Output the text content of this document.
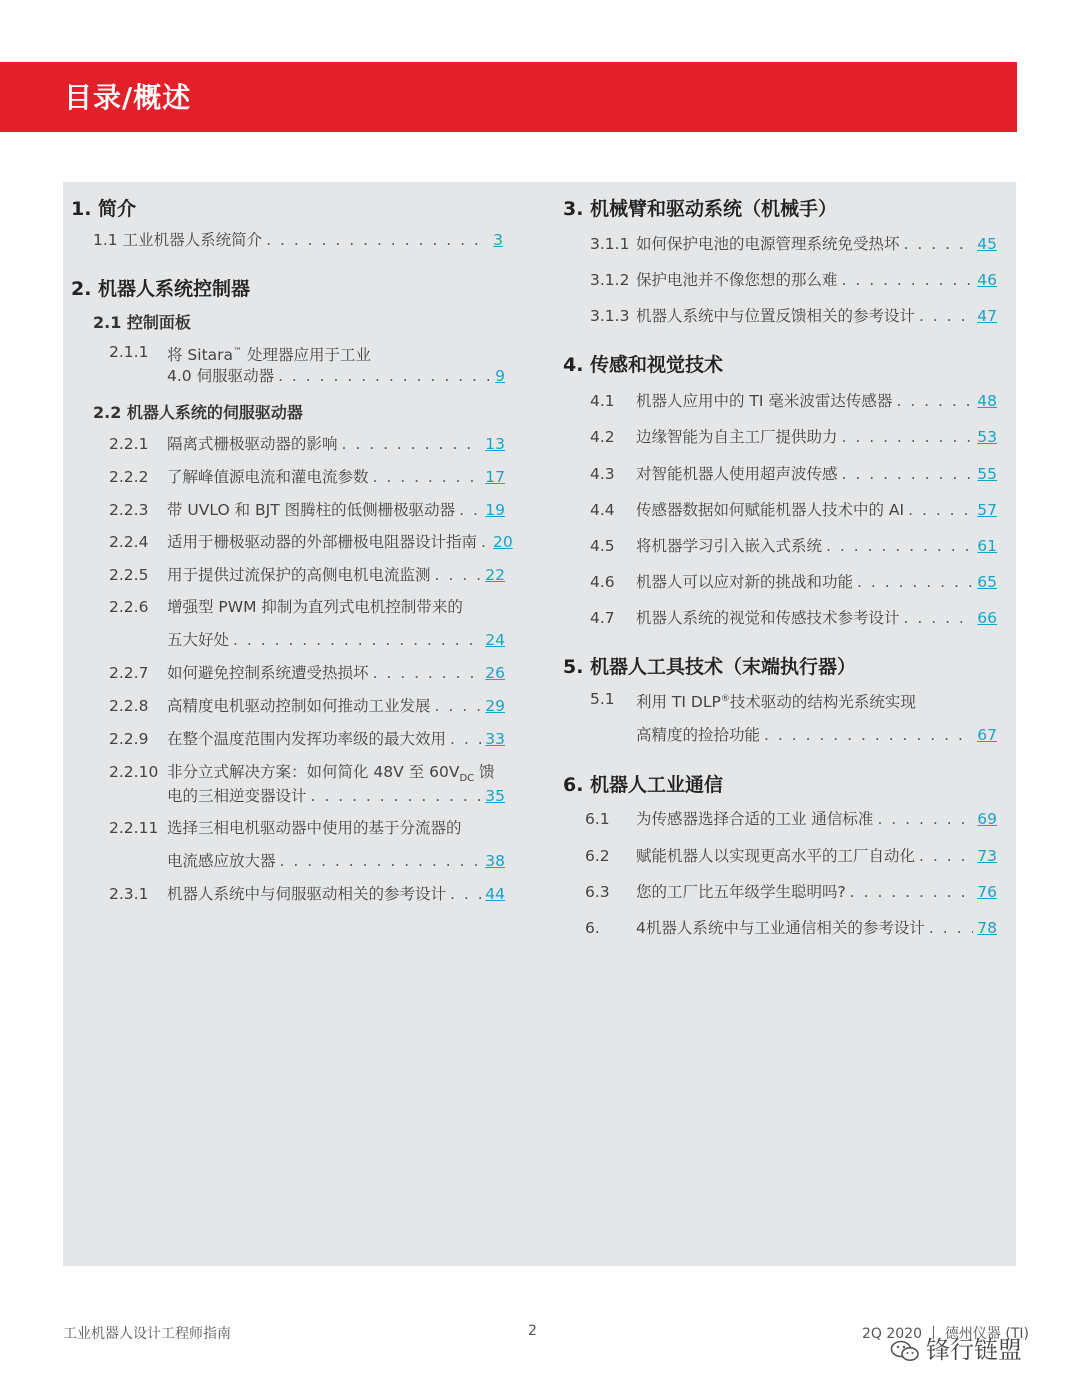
目录/概述
1. 简介
1.1 工业机器人系统简介 . . .	3
2. 机器人系统控制器
2.1 控制面板
2.1.1 将 Sitara™ 处理器应用于工业
4.0 伺服驱动器 . . .	9
2.2 机器人系统的伺服驱动器
2.2.1 隔离式栅极驱动器的影响 . . .	13
2.2.2 了解峰值源电流和灌电流参数 . . .	17
2.2.3 带 UVLO 和 BJT 图腾柱的低侧栅极驱动器 . . . 19
2.2.4 适用于栅极驱动器的外部栅极电阻器设计指南 . . . 20
2.2.5 用于提供过流保护的高侧电机电流监测 . . .	22
2.2.6 增强型 PWM 抑制为直列式电机控制带来的
五大好处 . . .	24
2.2.7 如何避免控制系统遭受热损坏 . . .	26
2.2.8 高精度电机驱动控制如何推动工业发展 . . .	29
2.2.9 在整个温度范围内发挥功率级的最大效用 . . .	33
2.2.10 非分立式解决方案：如何简化 48V 至 $60V_{DC}$ 馈
电的三相逆变器设计 . . .	35
2.2.11 选择三相电机驱动器中使用的基于分流器的
电流感应放大器 . . .	38
2.3.1 机器人系统中与伺服驱动相关的参考设计 . . .	44
3. 机械臂和驱动系统（机械手）
3.1.1 如何保护电池的电源管理系统免受热坏 . . .	45
3.1.2 保护电池并不像您想的那么难 . . .	46
3.1.3 机器人系统中与位置反馈相关的参考设计 . . .	47
4. 传感和视觉技术
4.1 机器人应用中的 TI 毫米波雷达传感器 . . .	48
4.2 边缘智能为自主工厂提供助力 . . .	53
4.3 对智能机器人使用超声波传感 . . .	55
4.4 传感器数据如何赋能机器人技术中的 AI . . .	57
4.5 将机器学习引入嵌入式系统 . . .	61
4.6 机器人可以应对新的挑战和功能 . . .	65
4.7 机器人系统的视觉和传感技术参考设计 . . .	66
5. 机器人工具技术（末端执行器）
5.1 利用 TI DLP®技术驱动的结构光系统实现
高精度的捡拾功能 . . .	67
6. 机器人工业通信
6.1 为传感器选择合适的工业 通信标准 . . .	69
6.2 赋能机器人以实现更高水平的工厂自动化 . . .	73
6.3 您的工厂比五年级学生聪明吗? . . .	76
6. 4机器人系统中与工业通信相关的参考设计 . . .	78
工业机器人设计工程师指南	2	2Q 2020 丨 德州仪器 (TI)
锋行链盟
